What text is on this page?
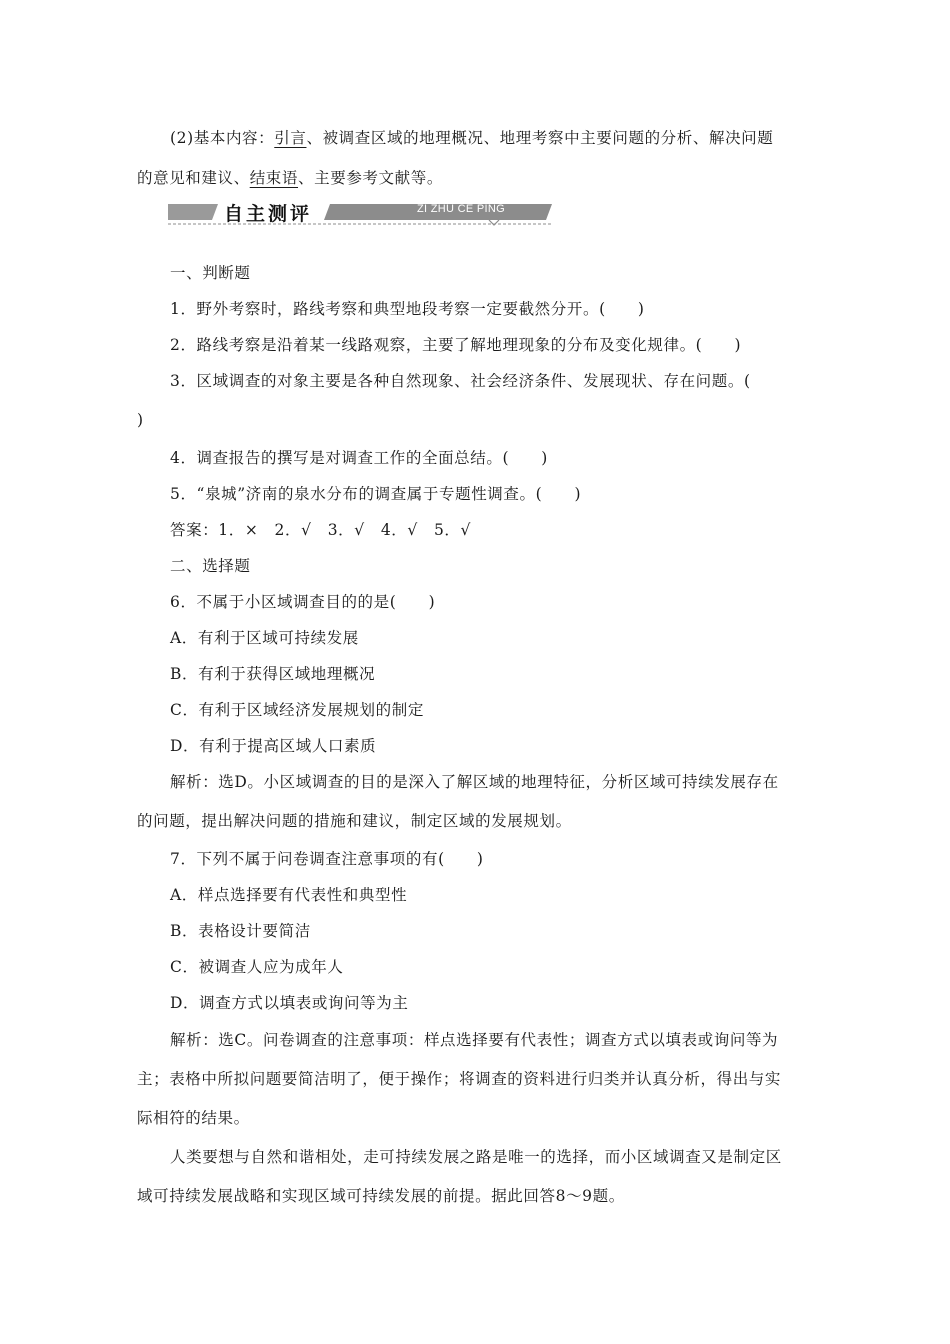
(2)基本内容：引言、被调查区域的地理概况、地理考察中主要问题的分析、解决问题
的意见和建议、结束语、主要参考文献等。
自主测评	ZI ZHU CE PING
一、判断题
1．野外考察时，路线考察和典型地段考察一定要截然分开。(　　)
2．路线考察是沿着某一线路观察，主要了解地理现象的分布及变化规律。(　　)
3．区域调查的对象主要是各种自然现象、社会经济条件、发展现状、存在问题。(
)
4．调查报告的撰写是对调查工作的全面总结。(　　)
5．“泉城”济南的泉水分布的调查属于专题性调查。(　　)
答案：1．×　2．√　3．√　4．√　5．√
二、选择题
6．不属于小区域调查目的的是(　　)
A．有利于区域可持续发展
B．有利于获得区域地理概况
C．有利于区域经济发展规划的制定
D．有利于提高区域人口素质
解析：选D。小区域调查的目的是深入了解区域的地理特征，分析区域可持续发展存在
的问题，提出解决问题的措施和建议，制定区域的发展规划。
7．下列不属于问卷调查注意事项的有(　　)
A．样点选择要有代表性和典型性
B．表格设计要简洁
C．被调查人应为成年人
D．调查方式以填表或询问等为主
解析：选C。问卷调查的注意事项：样点选择要有代表性；调查方式以填表或询问等为
主；表格中所拟问题要简洁明了，便于操作；将调查的资料进行归类并认真分析，得出与实
际相符的结果。
人类要想与自然和谐相处，走可持续发展之路是唯一的选择，而小区域调查又是制定区
域可持续发展战略和实现区域可持续发展的前提。据此回答8～9题。
